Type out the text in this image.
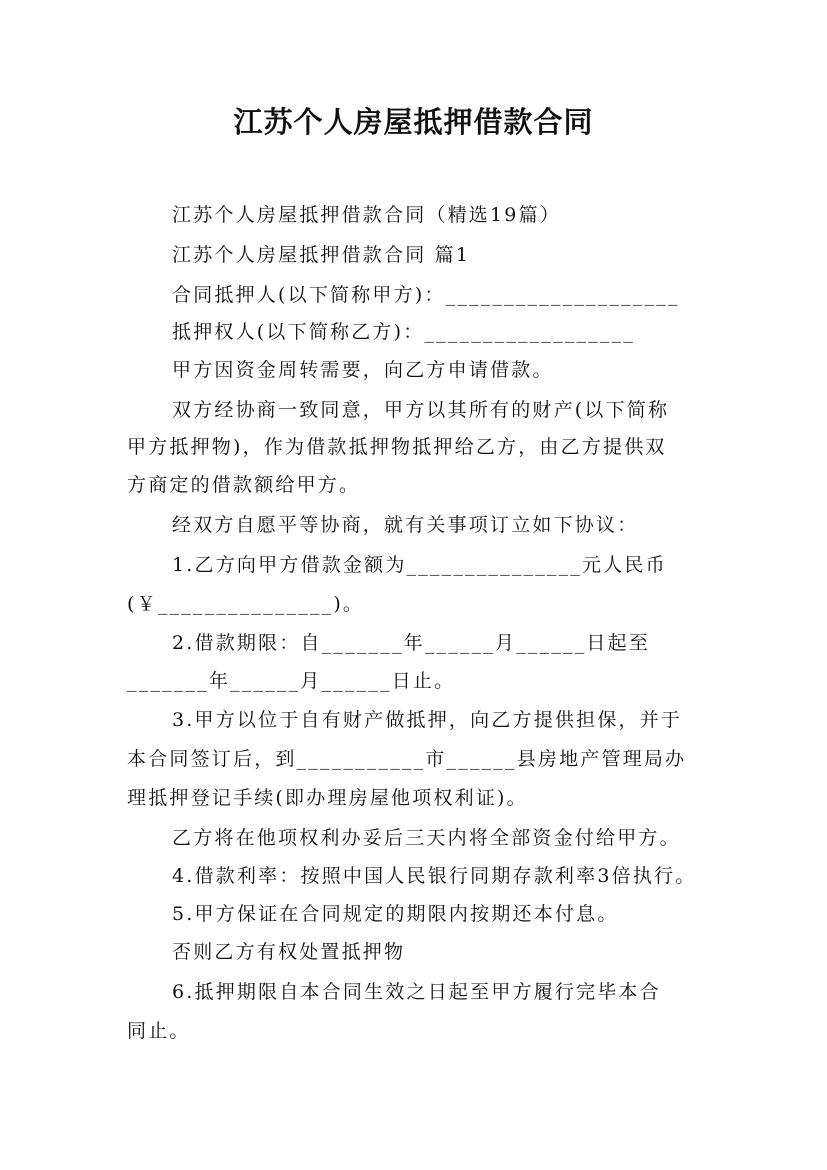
江苏个人房屋抵押借款合同
江苏个人房屋抵押借款合同（精选19篇）
江苏个人房屋抵押借款合同 篇1
合同抵押人(以下简称甲方)：____________________
抵押权人(以下简称乙方)：__________________
甲方因资金周转需要，向乙方申请借款。
双方经协商一致同意，甲方以其所有的财产(以下简称
甲方抵押物)，作为借款抵押物抵押给乙方，由乙方提供双
方商定的借款额给甲方。
经双方自愿平等协商，就有关事项订立如下协议：
1.乙方向甲方借款金额为_______________元人民币
(￥_______________)。
2.借款期限：自_______年______月______日起至
_______年______月______日止。
3.甲方以位于自有财产做抵押，向乙方提供担保，并于
本合同签订后，到___________市______县房地产管理局办
理抵押登记手续(即办理房屋他项权利证)。
乙方将在他项权利办妥后三天内将全部资金付给甲方。
4.借款利率：按照中国人民银行同期存款利率3倍执行。
5.甲方保证在合同规定的期限内按期还本付息。
否则乙方有权处置抵押物
6.抵押期限自本合同生效之日起至甲方履行完毕本合
同止。
